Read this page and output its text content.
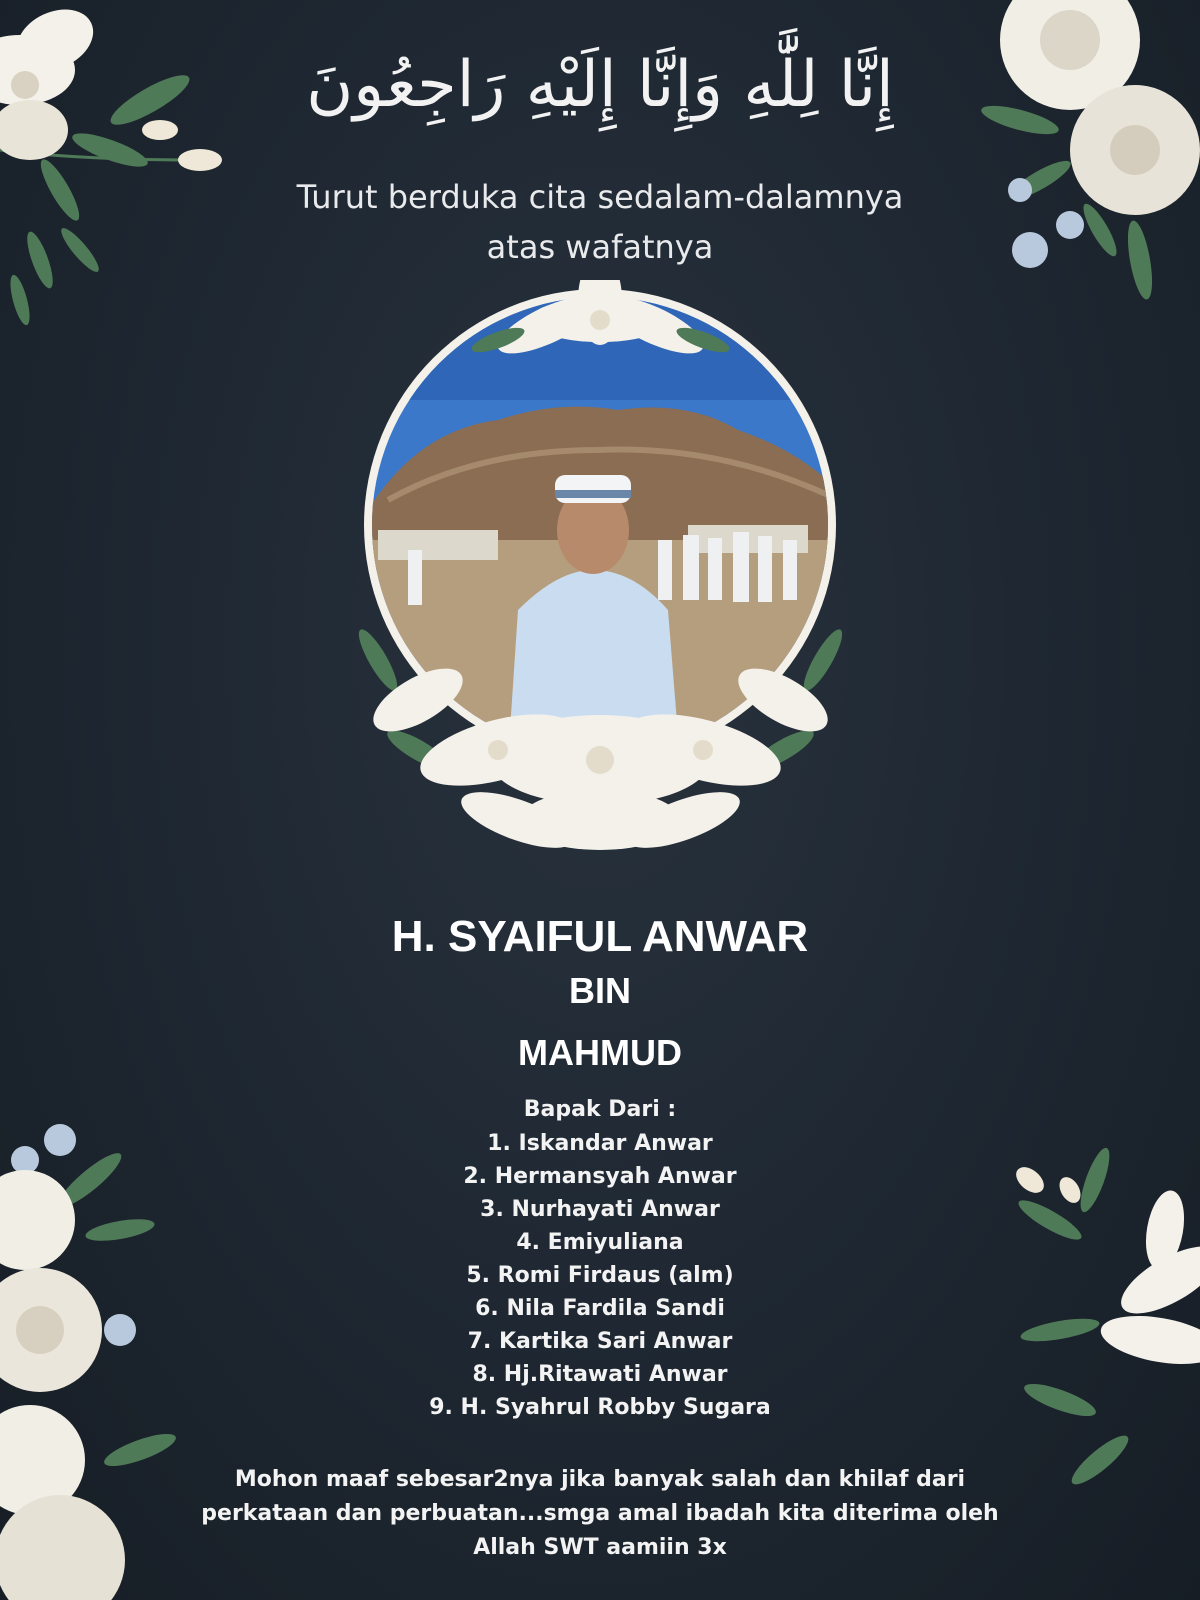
إِنَّا لِلَّٰهِ وَإِنَّا إِلَيْهِ رَاجِعُونَ
Turut berduka cita sedalam-dalamnya
atas wafatnya
H. SYAIFUL ANWAR
BIN
MAHMUD
Bapak Dari :
1. Iskandar Anwar
2. Hermansyah Anwar
3. Nurhayati Anwar
4. Emiyuliana
5. Romi Firdaus (alm)
6. Nila Fardila Sandi
7. Kartika Sari Anwar
8. Hj.Ritawati Anwar
9. H. Syahrul Robby Sugara
Mohon maaf sebesar2nya jika banyak salah dan khilaf dari
perkataan dan perbuatan...smga amal ibadah kita diterima oleh
Allah SWT aamiin 3x
